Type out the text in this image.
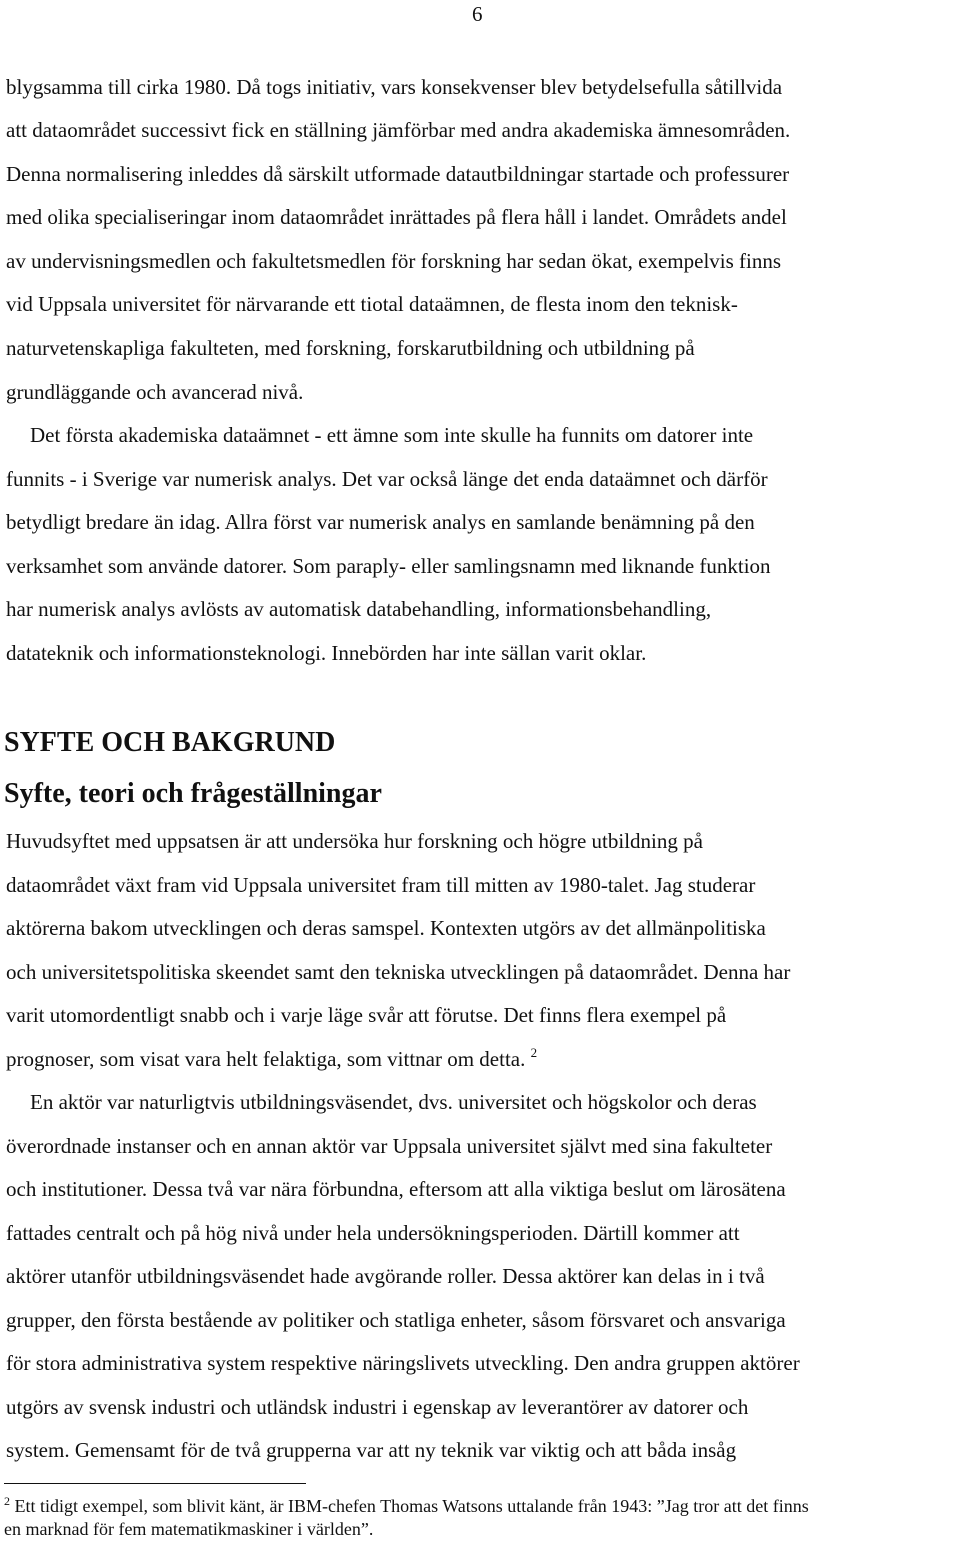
6
blygsamma till cirka 1980. Då togs initiativ, vars konsekvenser blev betydelsefulla såtillvida
att dataområdet successivt fick en ställning jämförbar med andra akademiska ämnesområden.
Denna normalisering inleddes då särskilt utformade datautbildningar startade och professurer
med olika specialiseringar inom dataområdet inrättades på flera håll i landet. Områdets andel
av undervisningsmedlen och fakultetsmedlen för forskning har sedan ökat, exempelvis finns
vid Uppsala universitet för närvarande ett tiotal dataämnen, de flesta inom den teknisk-
naturvetenskapliga fakulteten, med forskning, forskarutbildning och utbildning på
grundläggande och avancerad nivå.
Det första akademiska dataämnet - ett ämne som inte skulle ha funnits om datorer inte
funnits - i Sverige var numerisk analys. Det var också länge det enda dataämnet och därför
betydligt bredare än idag. Allra först var numerisk analys en samlande benämning på den
verksamhet som använde datorer. Som paraply- eller samlingsnamn med liknande funktion
har numerisk analys avlösts av automatisk databehandling, informationsbehandling,
datateknik och informationsteknologi. Innebörden har inte sällan varit oklar.
SYFTE OCH BAKGRUND
Syfte, teori och frågeställningar
Huvudsyftet med uppsatsen är att undersöka hur forskning och högre utbildning på
dataområdet växt fram vid Uppsala universitet fram till mitten av 1980-talet. Jag studerar
aktörerna bakom utvecklingen och deras samspel. Kontexten utgörs av det allmänpolitiska
och universitetspolitiska skeendet samt den tekniska utvecklingen på dataområdet. Denna har
varit utomordentligt snabb och i varje läge svår att förutse. Det finns flera exempel på
prognoser, som visat vara helt felaktiga, som vittnar om detta. $^2$
En aktör var naturligtvis utbildningsväsendet, dvs. universitet och högskolor och deras
överordnade instanser och en annan aktör var Uppsala universitet självt med sina fakulteter
och institutioner. Dessa två var nära förbundna, eftersom att alla viktiga beslut om lärosätena
fattades centralt och på hög nivå under hela undersökningsperioden. Därtill kommer att
aktörer utanför utbildningsväsendet hade avgörande roller. Dessa aktörer kan delas in i två
grupper, den första bestående av politiker och statliga enheter, såsom försvaret och ansvariga
för stora administrativa system respektive näringslivets utveckling. Den andra gruppen aktörer
utgörs av svensk industri och utländsk industri i egenskap av leverantörer av datorer och
system. Gemensamt för de två grupperna var att ny teknik var viktig och att båda insåg
$^2$ Ett tidigt exempel, som blivit känt, är IBM-chefen Thomas Watsons uttalande från 1943: ”Jag tror att det finns
en marknad för fem matematikmaskiner i världen”.
